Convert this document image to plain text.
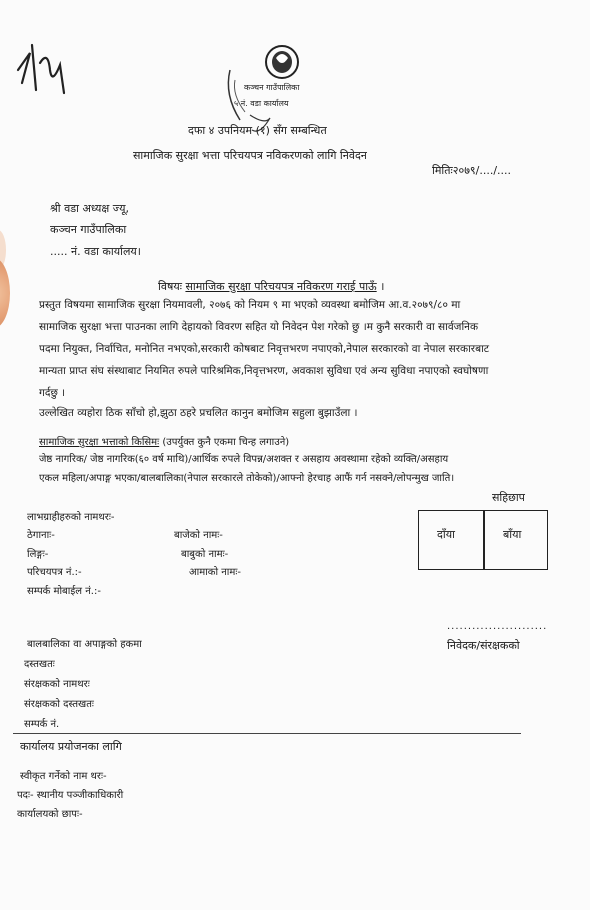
कञ्चन गाउँपालिका
५ नं. वडा कार्यालय
दफा ४ उपनियम (१) सँग सम्बन्धित
सामाजिक सुरक्षा भत्ता परिचयपत्र नविकरणको लागि निवेदन
मितिः२०७९/..../....
श्री वडा अध्यक्ष ज्यू,
कञ्चन गाउँपालिका
..... नं. वडा कार्यालय।
विषयः सामाजिक सुरक्षा परिचयपत्र नविकरण गराई पाऊँ ।
प्रस्तुत विषयमा सामाजिक सुरक्षा नियमावली, २०७६ को नियम ९ मा भएको व्यवस्था बमोजिम आ.व.२०७९/८० मा
सामाजिक सुरक्षा भत्ता पाउनका लागि देहायको विवरण सहित यो निवेदन पेश गरेको छु ।म कुनै सरकारी वा सार्वजनिक
पदमा नियुक्त, निर्वाचित, मनोनित नभएको,सरकारी कोषबाट निवृत्तभरण नपाएको,नेपाल सरकारको वा नेपाल सरकारबाट
मान्यता प्राप्त संघ संस्थाबाट नियमित रुपले पारिश्रमिक,निवृत्तभरण, अवकाश सुविधा एवं अन्य सुविधा नपाएको स्वघोषणा
गर्दछु ।
उल्लेखित व्यहोरा ठिक साँचो हो,झुठा ठहरे प्रचलित कानुन बमोजिम सहुला बुझाउँला ।
सामाजिक सुरक्षा भत्ताको किसिमः (उपर्युक्त कुनै एकमा चिन्ह लगाउने)
जेष्ठ नागरिक/ जेष्ठ नागरिक(६० वर्ष माथि)/आर्थिक रुपले विपन्न/अशक्त र असहाय अवस्थामा रहेको व्यक्ति/असहाय
एकल महिला/अपाङ्ग भएका/बालबालिका(नेपाल सरकारले तोकेको)/आफ्नो हेरचाह आफैं गर्न नसक्ने/लोपन्मुख जाति।
सहिछाप
दाँया	बाँया
लाभग्राहीहरुको नामथरः-
ठेगानाः-	बाजेको नामः-
लिङ्गः-	बाबुको नामः-
परिचयपत्र नं.:-	आमाको नामः-
सम्पर्क मोबाईल नं.:-
........................
निवेदक/संरक्षकको
बालबालिका वा अपाङ्गको हकमा
दस्तखतः
संरक्षकको नामथरः
संरक्षकको दस्तखतः
सम्पर्क नं.
कार्यालय प्रयोजनका लागि
स्वीकृत गर्नेको नाम थरः-
पदः- स्थानीय पञ्जीकाधिकारी
कार्यालयको छापः-
